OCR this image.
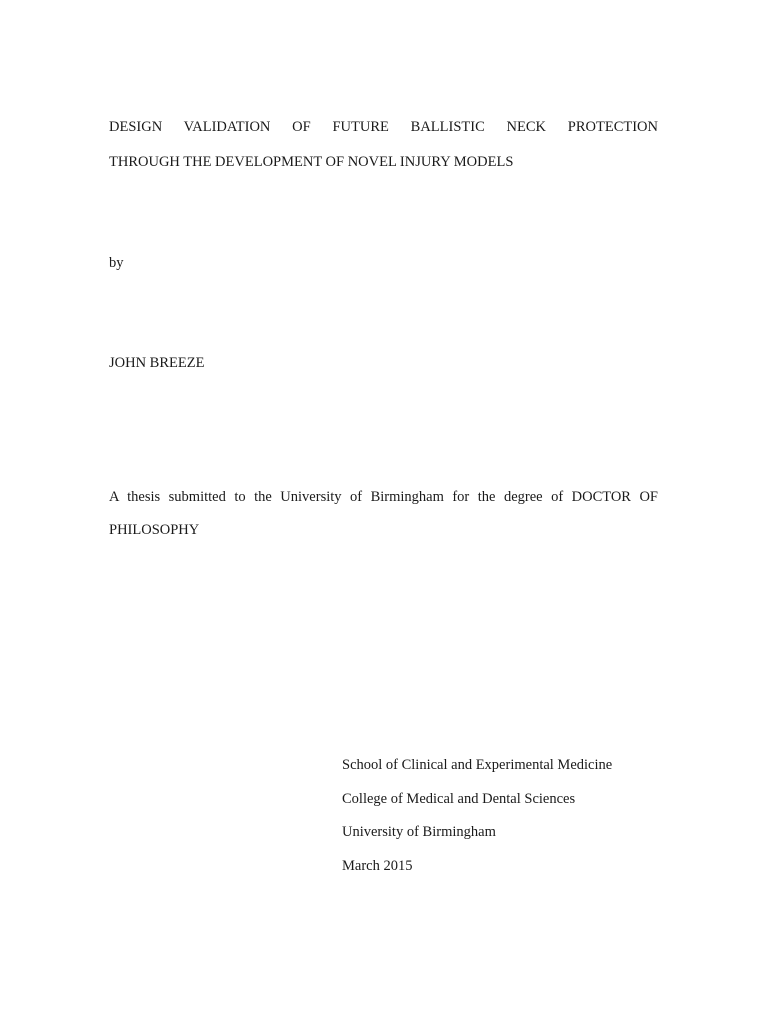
DESIGN VALIDATION OF FUTURE BALLISTIC NECK PROTECTION
THROUGH THE DEVELOPMENT OF NOVEL INJURY MODELS
by
JOHN BREEZE
A thesis submitted to the University of Birmingham for the degree of DOCTOR OF
PHILOSOPHY
School of Clinical and Experimental Medicine
College of Medical and Dental Sciences
University of Birmingham
March 2015
